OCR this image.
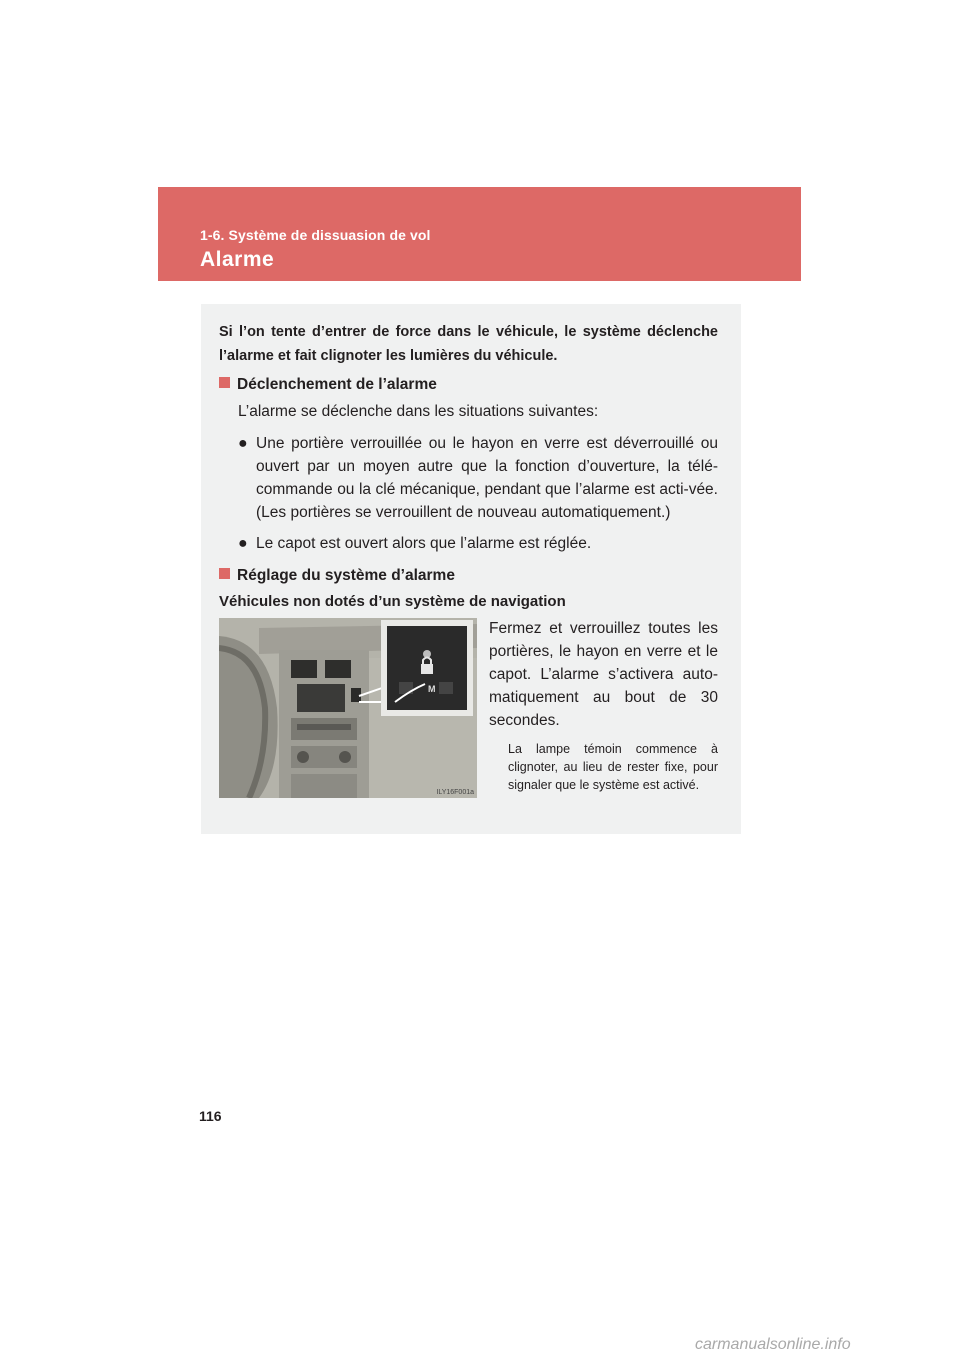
1-6. Système de dissuasion de vol
Alarme
Si l’on tente d’entrer de force dans le véhicule, le système déclenche l’alarme et fait clignoter les lumières du véhicule.
Déclenchement de l’alarme
L’alarme se déclenche dans les situations suivantes:
● Une portière verrouillée ou le hayon en verre est déverrouillé ou ouvert par un moyen autre que la fonction d’ouverture, la télé-commande ou la clé mécanique, pendant que l’alarme est acti-vée. (Les portières se verrouillent de nouveau automatiquement.)
● Le capot est ouvert alors que l’alarme est réglée.
Réglage du système d’alarme
Véhicules non dotés d’un système de navigation
M
ILY16F001a
Fermez et verrouillez toutes les portières, le hayon en verre et le capot. L’alarme s’activera auto-matiquement au bout de 30 secondes.
La lampe témoin commence à clignoter, au lieu de rester fixe, pour signaler que le système est activé.
116
carmanualsonline.info
